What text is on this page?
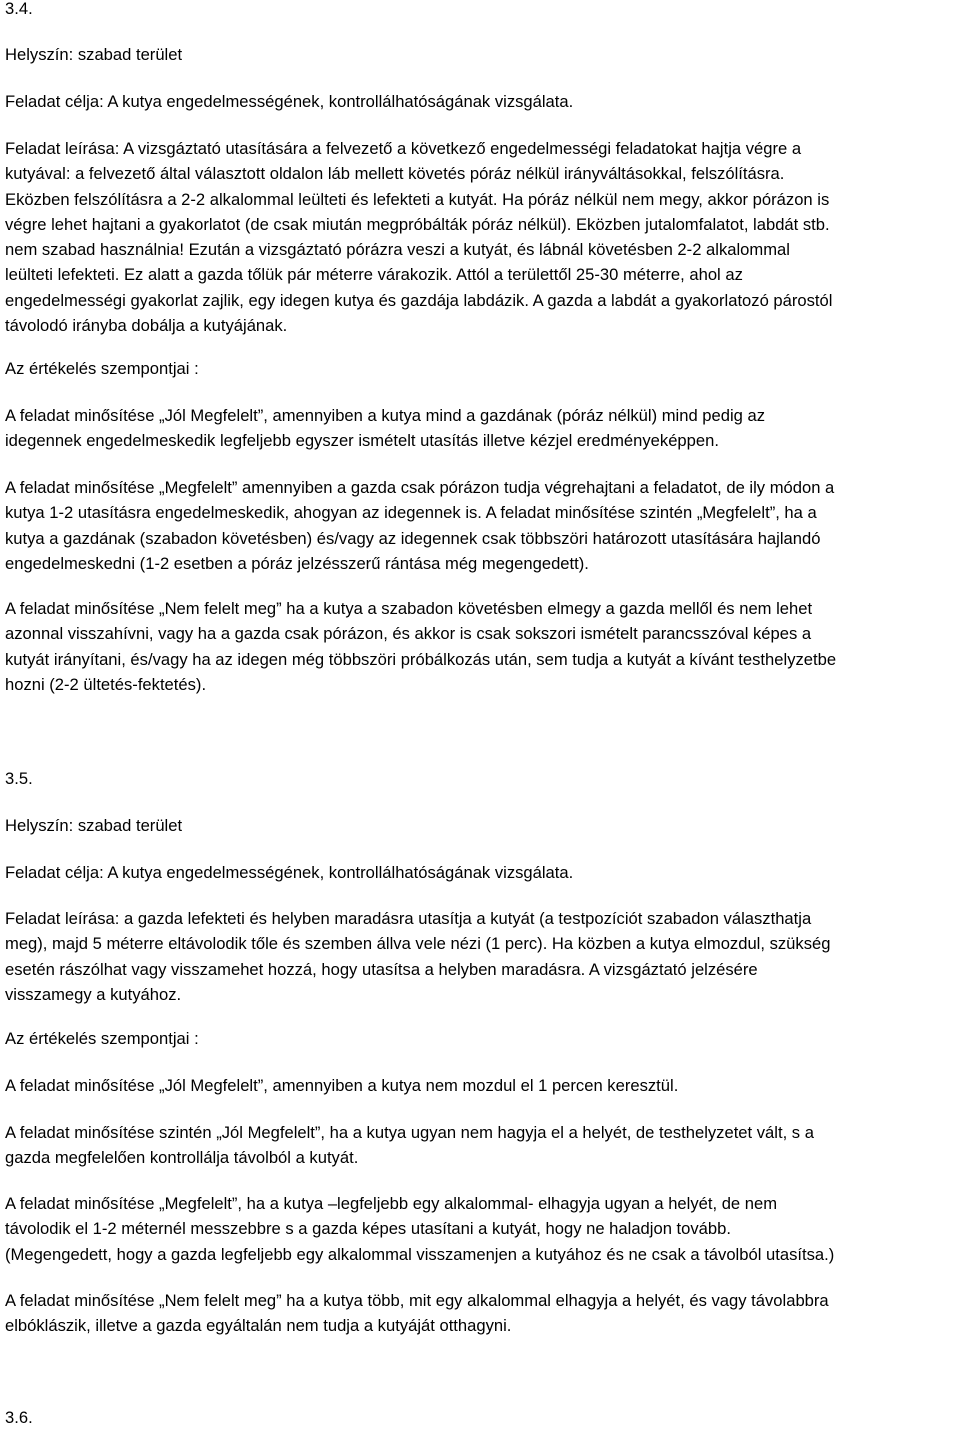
3.4.

Helyszín: szabad terület

Feladat célja: A kutya engedelmességének, kontrollálhatóságának vizsgálata.

Feladat leírása: A vizsgáztató utasítására a felvezető a következő engedelmességi feladatokat hajtja végre a
kutyával: a felvezető által választott oldalon láb mellett követés póráz nélkül irányváltásokkal, felszólításra.
Eközben felszólításra a 2-2 alkalommal leülteti és lefekteti a kutyát. Ha póráz nélkül nem megy, akkor pórázon is
végre lehet hajtani a gyakorlatot (de csak miután megpróbálták póráz nélkül). Eközben jutalomfalatot, labdát stb.
nem szabad használnia! Ezután a vizsgáztató pórázra veszi a kutyát, és lábnál követésben 2-2 alkalommal
leülteti lefekteti. Ez alatt a gazda tőlük pár méterre várakozik. Attól a területtől 25-30 méterre, ahol az
engedelmességi gyakorlat zajlik, egy idegen kutya és gazdája labdázik. A gazda a labdát a gyakorlatozó párostól
távolodó irányba dobálja a kutyájának.

Az értékelés szempontjai :

A feladat minősítése „Jól Megfelelt”, amennyiben a kutya mind a gazdának (póráz nélkül) mind pedig az
idegennek engedelmeskedik legfeljebb egyszer ismételt utasítás illetve kézjel eredményeképpen.

A feladat minősítése „Megfelelt” amennyiben a gazda csak pórázon tudja végrehajtani a feladatot, de ily módon a
kutya 1-2 utasításra engedelmeskedik, ahogyan az idegennek is. A feladat minősítése szintén „Megfelelt”, ha a
kutya a gazdának (szabadon követésben) és/vagy az idegennek csak többszöri határozott utasítására hajlandó
engedelmeskedni (1-2 esetben a póráz jelzésszerű rántása még megengedett).

A feladat minősítése „Nem felelt meg” ha a kutya a szabadon követésben elmegy a gazda mellől és nem lehet
azonnal visszahívni, vagy ha a gazda csak pórázon, és akkor is csak sokszori ismételt parancsszóval képes a
kutyát irányítani, és/vagy ha az idegen még többszöri próbálkozás után, sem tudja a kutyát a kívánt testhelyzetbe
hozni (2-2 ültetés-fektetés).

3.5.

Helyszín: szabad terület

Feladat célja: A kutya engedelmességének, kontrollálhatóságának vizsgálata.

Feladat leírása: a gazda lefekteti és helyben maradásra utasítja a kutyát (a testpozíciót szabadon választhatja
meg), majd 5 méterre eltávolodik tőle és szemben állva vele nézi (1 perc). Ha közben a kutya elmozdul, szükség
esetén rászólhat vagy visszamehet hozzá, hogy utasítsa a helyben maradásra. A vizsgáztató jelzésére
visszamegy a kutyához.

Az értékelés szempontjai :

A feladat minősítése „Jól Megfelelt”, amennyiben a kutya nem mozdul el 1 percen keresztül.

A feladat minősítése szintén „Jól Megfelelt”, ha a kutya ugyan nem hagyja el a helyét, de testhelyzetet vált, s a
gazda megfelelően kontrollálja távolból a kutyát.

A feladat minősítése „Megfelelt”, ha a kutya –legfeljebb egy alkalommal- elhagyja ugyan a helyét, de nem
távolodik el 1-2 méternél messzebbre s a gazda képes utasítani a kutyát, hogy ne haladjon tovább.
(Megengedett, hogy a gazda legfeljebb egy alkalommal visszamenjen a kutyához és ne csak a távolból utasítsa.)

A feladat minősítése „Nem felelt meg” ha a kutya több, mit egy alkalommal elhagyja a helyét, és vagy távolabbra
elbóklászik, illetve a gazda egyáltalán nem tudja a kutyáját otthagyni.

3.6.
